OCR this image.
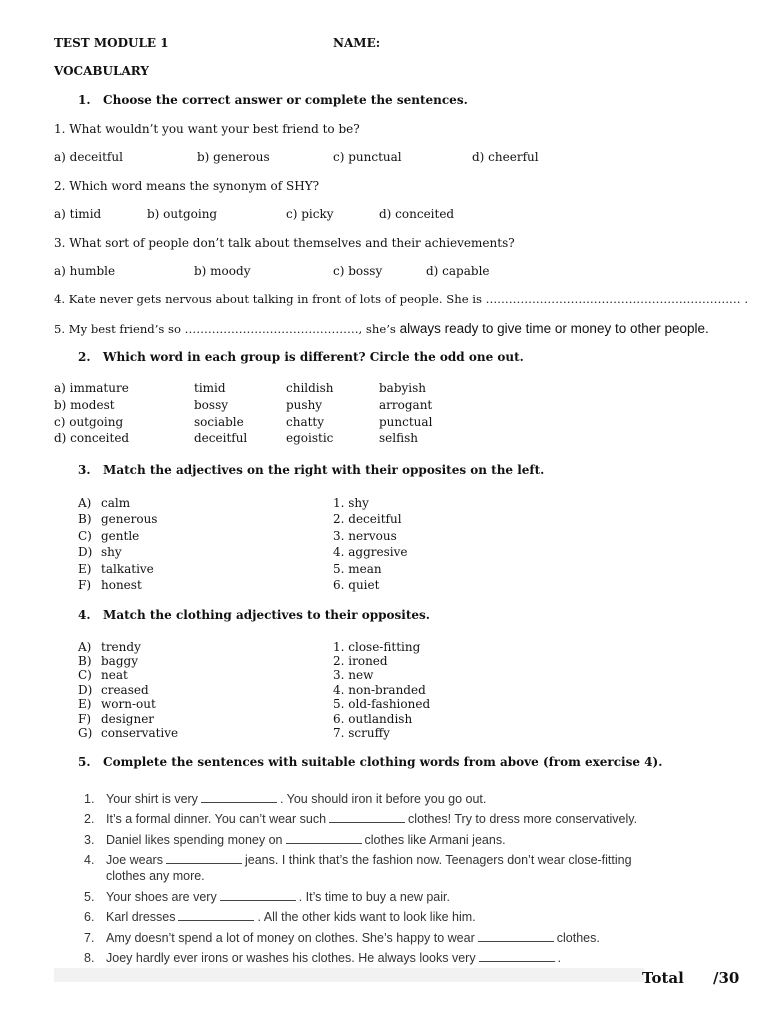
TEST MODULE 1	NAME:
VOCABULARY
1.   Choose the correct answer or complete the sentences.
1. What wouldn’t you want your best friend to be?
a) deceitful	b) generous	c) punctual	d) cheerful
2. Which word means the synonym of SHY?
a) timid	b) outgoing	c) picky	d) conceited
3. What sort of people don’t talk about themselves and their achievements?
a) humble	b) moody	c) bossy	d) capable
4. Kate never gets nervous about talking in front of lots of people. She is ………………………………………………………… .
5. My best friend’s so ………………………………………, she’s always ready to give time or money to other people.
2.   Which word in each group is different? Circle the odd one out.
a) immature	timid	childish	babyish
b) modest	bossy	pushy	arrogant
c) outgoing	sociable	chatty	punctual
d) conceited	deceitful	egoistic	selfish
3.   Match the adjectives on the right with their opposites on the left.
A) calm	1. shy
B) generous	2. deceitful
C) gentle	3. nervous
D) shy	4. aggresive
E) talkative	5. mean
F) honest	6. quiet
4.   Match the clothing adjectives to their opposites.
A) trendy	1. close-fitting
B) baggy	2. ironed
C) neat	3. new
D) creased	4. non-branded
E) worn-out	5. old-fashioned
F) designer	6. outlandish
G) conservative	7. scruffy
5.   Complete the sentences with suitable clothing words from above (from exercise 4).
1. Your shirt is very	. You should iron it before you go out.
2. It’s a formal dinner. You can’t wear such	clothes! Try to dress more conservatively.
3. Daniel likes spending money on	clothes like Armani jeans.
4. Joe wears	jeans. I think that’s the fashion now. Teenagers don’t wear close-fitting
clothes any more.
5. Your shoes are very	. It’s time to buy a new pair.
6. Karl dresses	. All the other kids want to look like him.
7. Amy doesn’t spend a lot of money on clothes. She’s happy to wear	clothes.
8. Joey hardly ever irons or washes his clothes. He always looks very	.
Total /30
